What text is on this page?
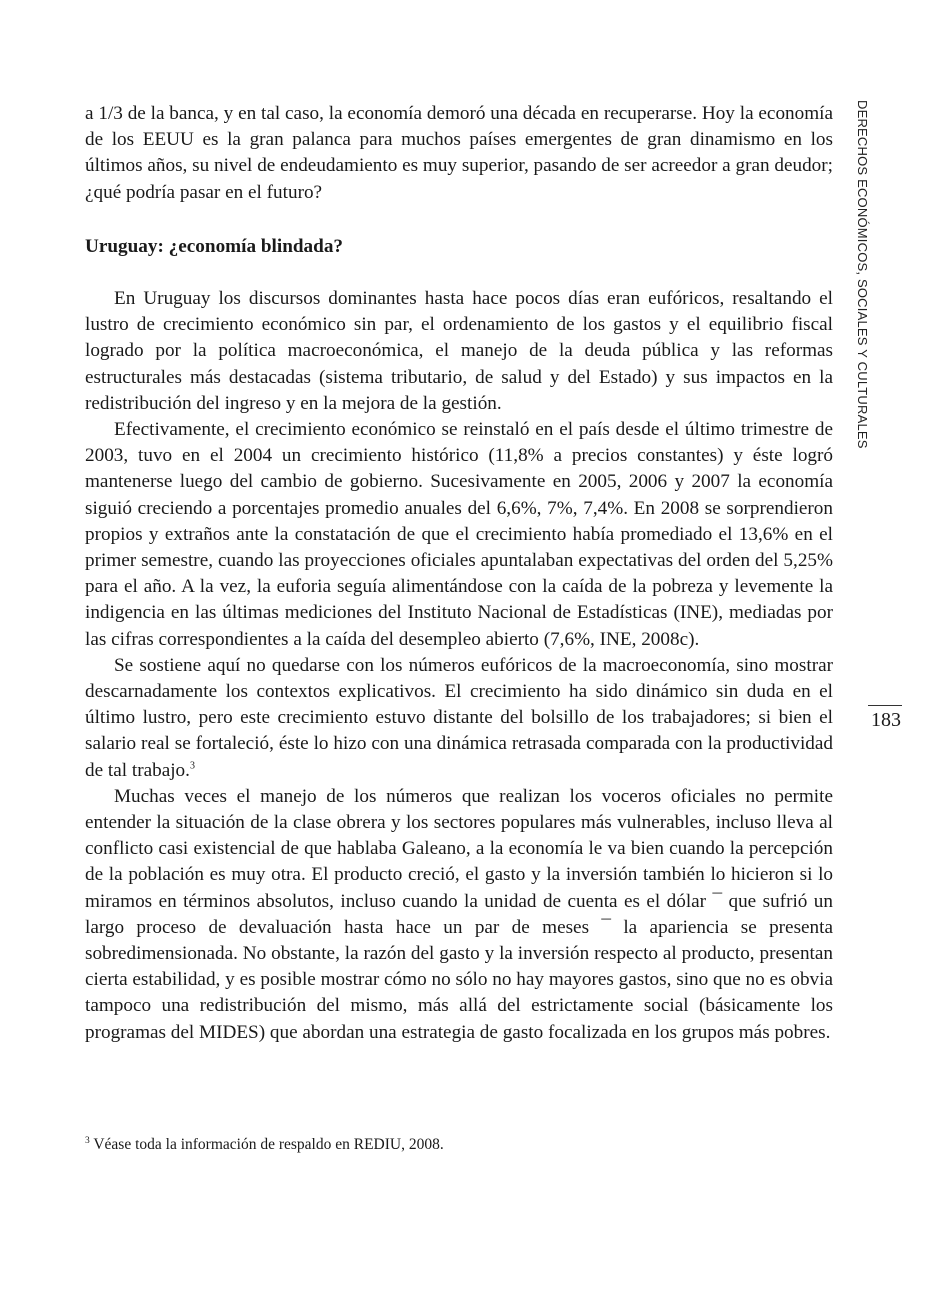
DERECHOS ECONÓMICOS, SOCIALES Y CULTURALES

a 1/3 de la banca, y en tal caso, la economía demoró una década en recuperarse. Hoy la economía de los EEUU es la gran palanca para muchos países emergentes de gran dinamismo en los últimos años, su nivel de endeudamiento es muy superior, pasando de ser acreedor a gran deudor; ¿qué podría pasar en el futuro?

Uruguay: ¿economía blindada?

En Uruguay los discursos dominantes hasta hace pocos días eran eufóricos, resaltando el lustro de crecimiento económico sin par, el ordenamiento de los gastos y el equilibrio fiscal logrado por la política macroeconómica, el manejo de la deuda pública y las reformas estructurales más destacadas (sistema tributario, de salud y del Estado) y sus impactos en la redistribución del ingreso y en la mejora de la gestión.

Efectivamente, el crecimiento económico se reinstaló en el país desde el último trimestre de 2003, tuvo en el 2004 un crecimiento histórico (11,8% a precios constantes) y éste logró mantenerse luego del cambio de gobierno. Sucesivamente en 2005, 2006 y 2007 la economía siguió creciendo a porcentajes promedio anuales del 6,6%, 7%, 7,4%. En 2008 se sorprendieron propios y extraños ante la constatación de que el crecimiento había promediado el 13,6% en el primer semestre, cuando las proyecciones oficiales apuntalaban expectativas del orden del 5,25% para el año. A la vez, la euforia seguía alimentándose con la caída de la pobreza y levemente la indigencia en las últimas mediciones del Instituto Nacional de Estadísticas (INE), mediadas por las cifras correspondientes a la caída del desempleo abierto (7,6%, INE, 2008c).

Se sostiene aquí no quedarse con los números eufóricos de la macroeconomía, sino mostrar descarnadamente los contextos explicativos. El crecimiento ha sido dinámico sin duda en el último lustro, pero este crecimiento estuvo distante del bolsillo de los trabajadores; si bien el salario real se fortaleció, éste lo hizo con una dinámica retrasada comparada con la productividad de tal trabajo.$^3$

Muchas veces el manejo de los números que realizan los voceros oficiales no permite entender la situación de la clase obrera y los sectores populares más vulnerables, incluso lleva al conflicto casi existencial de que hablaba Galeano, a la economía le va bien cuando la percepción de la población es muy otra. El producto creció, el gasto y la inversión también lo hicieron si lo miramos en términos absolutos, incluso cuando la unidad de cuenta es el dólar ¯ que sufrió un largo proceso de devaluación hasta hace un par de meses ¯ la apariencia se presenta sobredimensionada. No obstante, la razón del gasto y la inversión respecto al producto, presentan cierta estabilidad, y es posible mostrar cómo no sólo no hay mayores gastos, sino que no es obvia tampoco una redistribución del mismo, más allá del estrictamente social (básicamente los programas del MIDES) que abordan una estrategia de gasto focalizada en los grupos más pobres.

$^3$ Véase toda la información de respaldo en REDIU, 2008.

183
